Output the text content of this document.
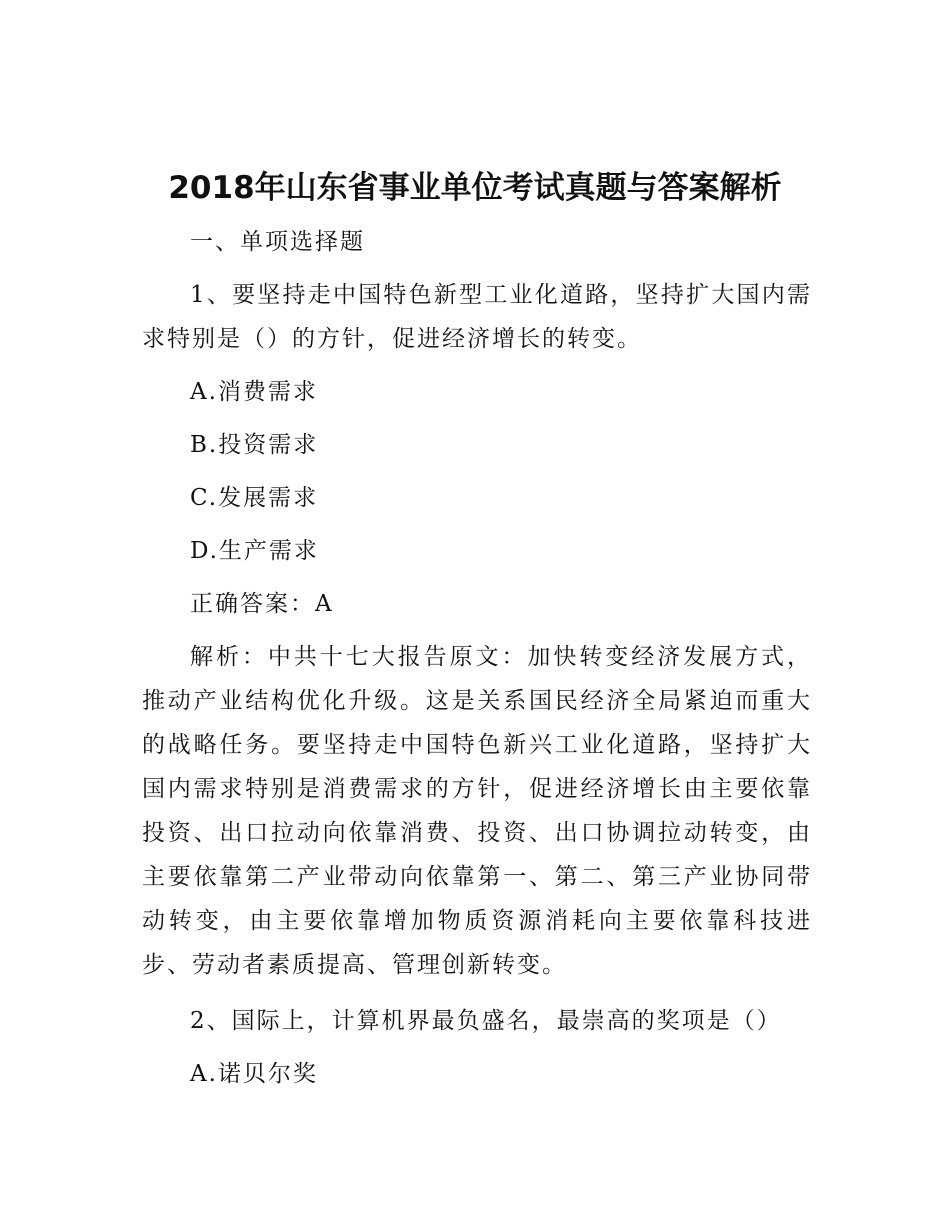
2018年山东省事业单位考试真题与答案解析

一、单项选择题

1、要坚持走中国特色新型工业化道路，坚持扩大国内需求特别是（）的方针，促进经济增长的转变。

A.消费需求

B.投资需求

C.发展需求

D.生产需求

正确答案：A

解析：中共十七大报告原文：加快转变经济发展方式，推动产业结构优化升级。这是关系国民经济全局紧迫而重大的战略任务。要坚持走中国特色新兴工业化道路，坚持扩大国内需求特别是消费需求的方针，促进经济增长由主要依靠投资、出口拉动向依靠消费、投资、出口协调拉动转变，由主要依靠第二产业带动向依靠第一、第二、第三产业协同带动转变，由主要依靠增加物质资源消耗向主要依靠科技进步、劳动者素质提高、管理创新转变。

2、国际上，计算机界最负盛名，最崇高的奖项是（）

A.诺贝尔奖
